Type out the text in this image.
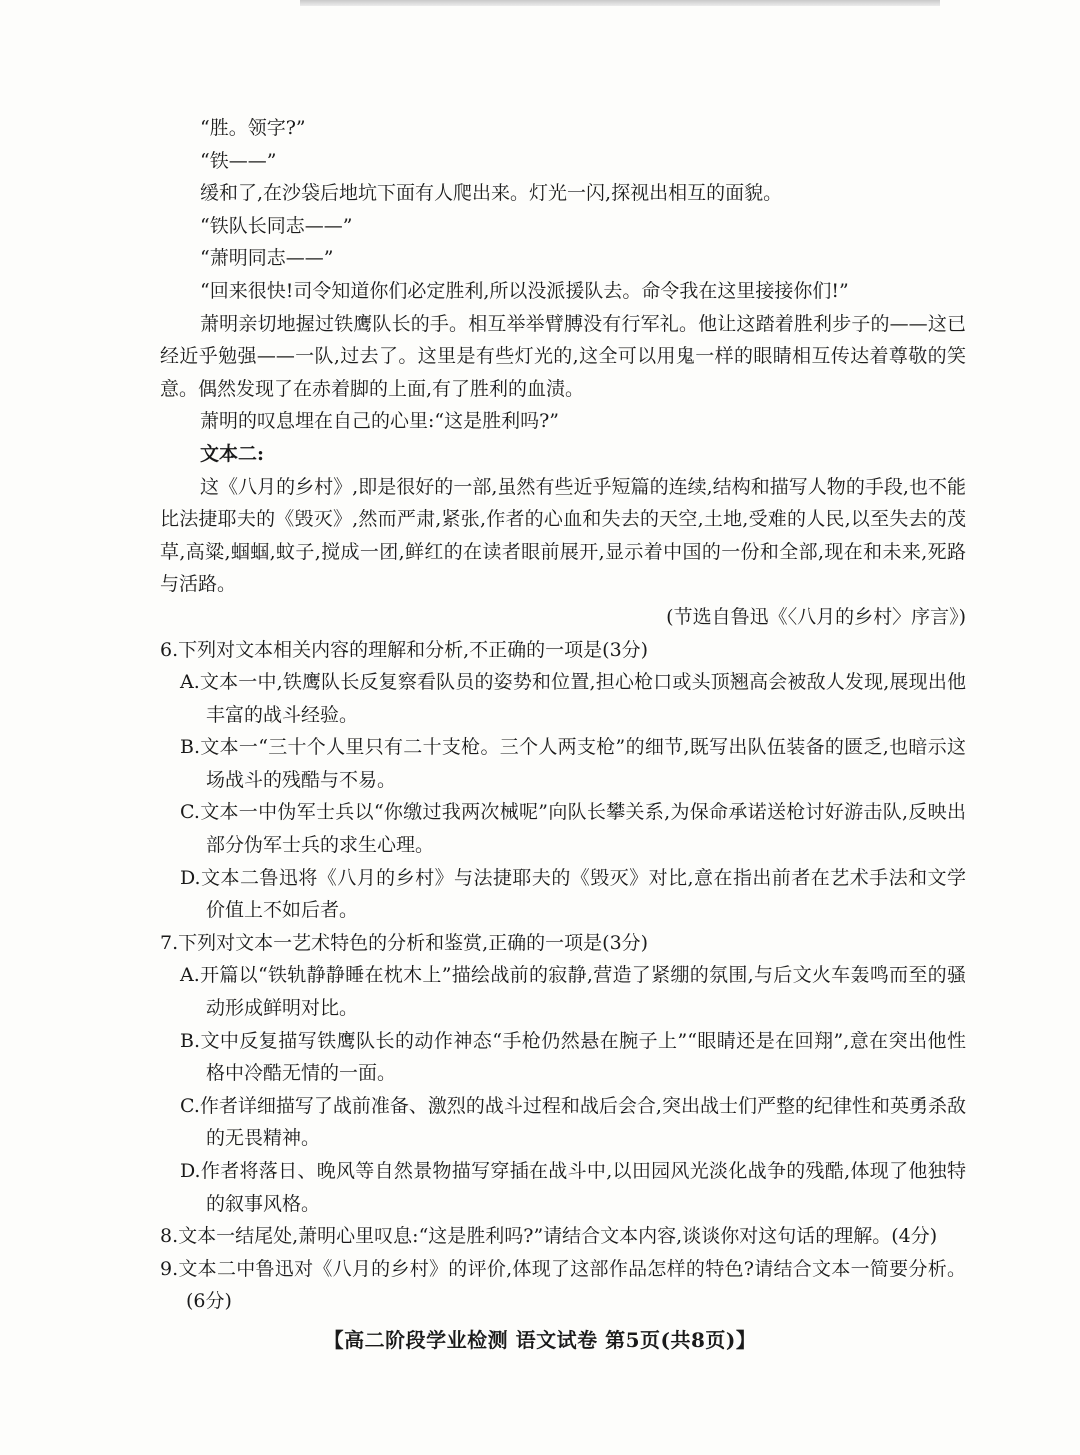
“胜。领字?”

“铁——”

缓和了,在沙袋后地坑下面有人爬出来。灯光一闪,探视出相互的面貌。

“铁队长同志——”

“萧明同志——”

“回来很快!司令知道你们必定胜利,所以没派援队去。命令我在这里接接你们!”

萧明亲切地握过铁鹰队长的手。相互举举臂膊没有行军礼。他让这踏着胜利步子的——这已经近乎勉强——一队,过去了。这里是有些灯光的,这全可以用鬼一样的眼睛相互传达着尊敬的笑意。偶然发现了在赤着脚的上面,有了胜利的血渍。

萧明的叹息埋在自己的心里:“这是胜利吗?”

文本二:

这《八月的乡村》,即是很好的一部,虽然有些近乎短篇的连续,结构和描写人物的手段,也不能比法捷耶夫的《毁灭》,然而严肃,紧张,作者的心血和失去的天空,土地,受难的人民,以至失去的茂草,高粱,蝈蝈,蚊子,搅成一团,鲜红的在读者眼前展开,显示着中国的一份和全部,现在和未来,死路与活路。

(节选自鲁迅《〈八月的乡村〉序言》)

6.下列对文本相关内容的理解和分析,不正确的一项是(3分)

A.文本一中,铁鹰队长反复察看队员的姿势和位置,担心枪口或头顶翘高会被敌人发现,展现出他丰富的战斗经验。

B.文本一“三十个人里只有二十支枪。三个人两支枪”的细节,既写出队伍装备的匮乏,也暗示这场战斗的残酷与不易。

C.文本一中伪军士兵以“你缴过我两次械呢”向队长攀关系,为保命承诺送枪讨好游击队,反映出部分伪军士兵的求生心理。

D.文本二鲁迅将《八月的乡村》与法捷耶夫的《毁灭》对比,意在指出前者在艺术手法和文学价值上不如后者。

7.下列对文本一艺术特色的分析和鉴赏,正确的一项是(3分)

A.开篇以“铁轨静静睡在枕木上”描绘战前的寂静,营造了紧绷的氛围,与后文火车轰鸣而至的骚动形成鲜明对比。

B.文中反复描写铁鹰队长的动作神态“手枪仍然悬在腕子上”“眼睛还是在回翔”,意在突出他性格中冷酷无情的一面。

C.作者详细描写了战前准备、激烈的战斗过程和战后会合,突出战士们严整的纪律性和英勇杀敌的无畏精神。

D.作者将落日、晚风等自然景物描写穿插在战斗中,以田园风光淡化战争的残酷,体现了他独特的叙事风格。

8.文本一结尾处,萧明心里叹息:“这是胜利吗?”请结合文本内容,谈谈你对这句话的理解。(4分)

9.文本二中鲁迅对《八月的乡村》的评价,体现了这部作品怎样的特色?请结合文本一简要分析。(6分)

【高二阶段学业检测 语文试卷 第5页(共8页)】
